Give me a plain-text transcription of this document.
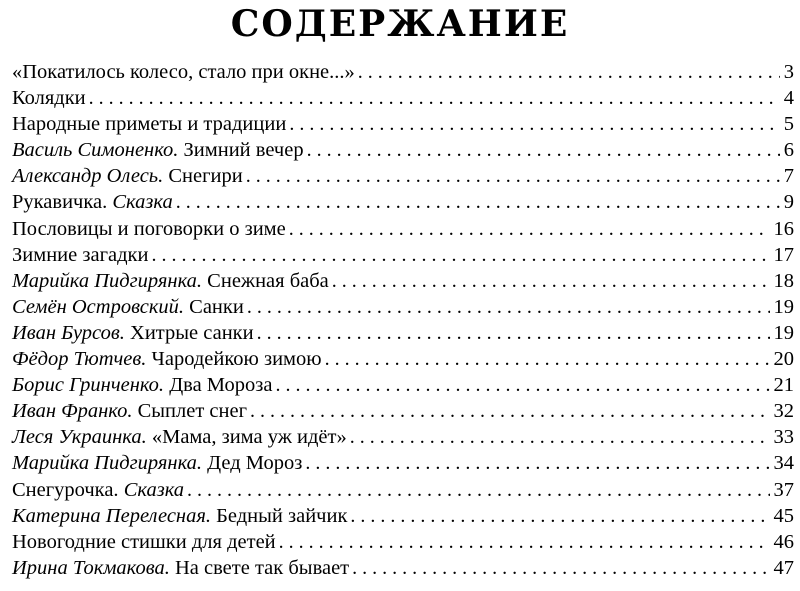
СОДЕРЖАНИЕ
«Покатилось колесо, стало при окне...» . . .	3
Колядки . . .	4
Народные приметы и традиции . . .	5
Василь Симоненко. Зимний вечер . . .	6
Александр Олесь. Снегири . . .	7
Рукавичка. Сказка . . .	9
Пословицы и поговорки о зиме . . .	16
Зимние загадки . . .	17
Марийка Пидгирянка. Снежная баба . . .	18
Семён Островский. Санки . . .	19
Иван Бурсов. Хитрые санки . . .	19
Фёдор Тютчев. Чародейкою зимою . . .	20
Борис Гринченко. Два Мороза . . .	21
Иван Франко. Сыплет снег . . .	32
Леся Украинка. «Мама, зима уж идёт» . . .	33
Марийка Пидгирянка. Дед Мороз . . .	34
Снегурочка. Сказка . . .	37
Катерина Перелесная. Бедный зайчик . . .	45
Новогодние стишки для детей . . .	46
Ирина Токмакова. На свете так бывает . . .	47
